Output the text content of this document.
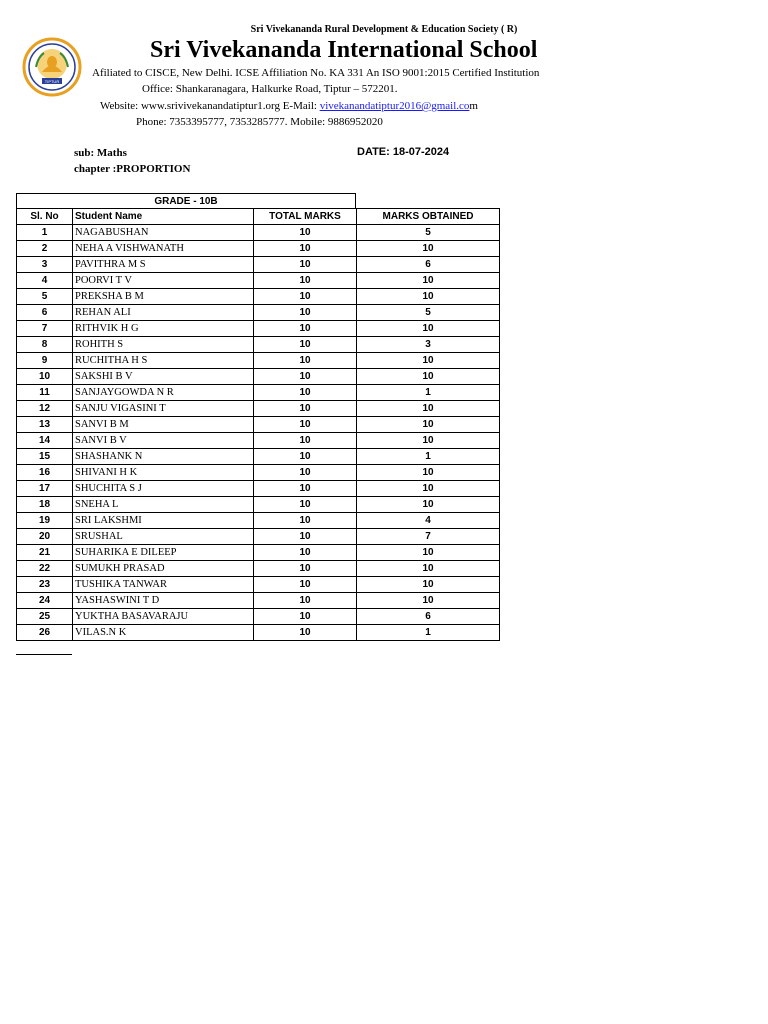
Sri Vivekananda Rural Development & Education Society ( R)
TIPTUR
Sri Vivekananda International School
Afiliated to CISCE, New Delhi. ICSE Affiliation No. KA 331 An ISO 9001:2015 Certified Institution
Office: Shankaranagara, Halkurke Road, Tiptur – 572201.
Website: www.srivivekanandatiptur1.org E-Mail: vivekanandatiptur2016@gmail.com
Phone: 7353395777, 7353285777. Mobile: 9886952020
sub: Maths
chapter :PROPORTION
DATE: 18-07-2024
GRADE - 10B
Sl. No	Student Name	TOTAL MARKS	MARKS OBTAINED
1	NAGABUSHAN	10	5
2	NEHA A VISHWANATH	10	10
3	PAVITHRA M S	10	6
4	POORVI T V	10	10
5	PREKSHA B M	10	10
6	REHAN ALI	10	5
7	RITHVIK H G	10	10
8	ROHITH S	10	3
9	RUCHITHA H S	10	10
10	SAKSHI B V	10	10
11	SANJAYGOWDA N R	10	1
12	SANJU VIGASINI T	10	10
13	SANVI B M	10	10
14	SANVI B V	10	10
15	SHASHANK N	10	1
16	SHIVANI H K	10	10
17	SHUCHITA S J	10	10
18	SNEHA L	10	10
19	SRI LAKSHMI	10	4
20	SRUSHAL	10	7
21	SUHARIKA E DILEEP	10	10
22	SUMUKH PRASAD	10	10
23	TUSHIKA TANWAR	10	10
24	YASHASWINI T D	10	10
25	YUKTHA BASAVARAJU	10	6
26	VILAS.N K	10	1
